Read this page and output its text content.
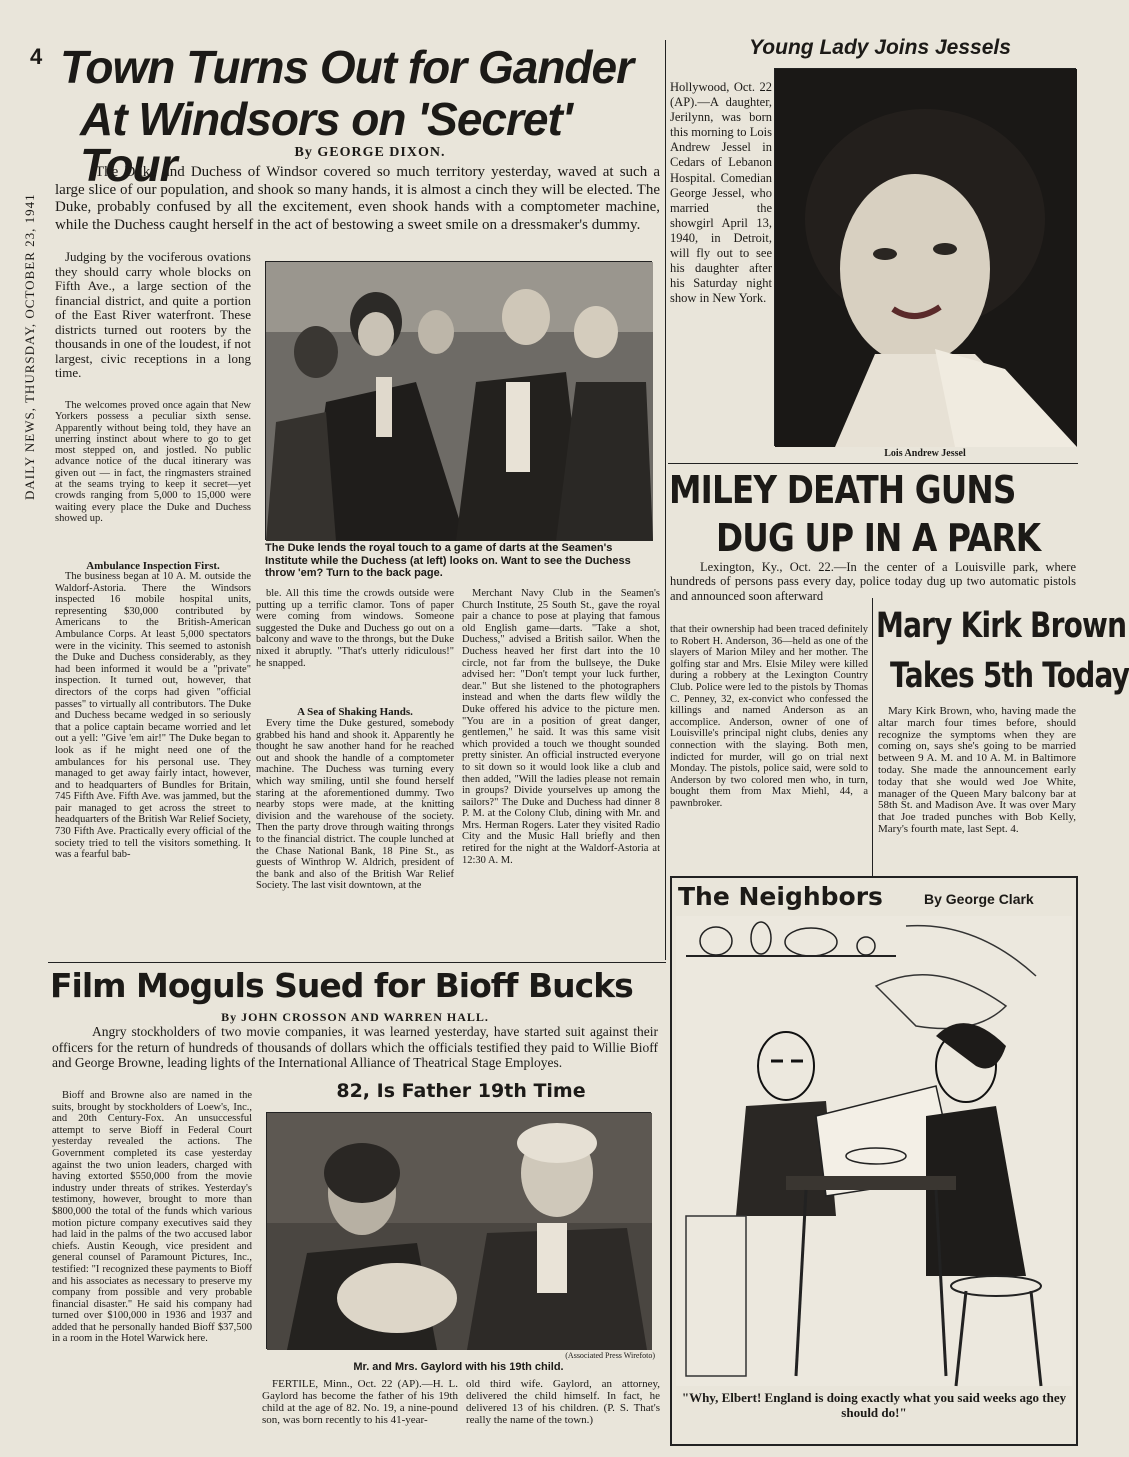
4
DAILY NEWS, THURSDAY, OCTOBER 23, 1941
Town Turns Out for Gander
At Windsors on 'Secret' Tour	By GEORGE DIXON.
The Duke and Duchess of Windsor covered so much territory yesterday, waved at such a large slice of our population, and shook so many hands, it is almost a cinch they will be elected. The Duke, probably confused by all the excitement, even shook hands with a comptometer machine, while the Duchess caught herself in the act of bestowing a sweet smile on a dressmaker's dummy.
Judging by the vociferous ovations they should carry whole blocks on Fifth Ave., a large section of the financial district, and quite a portion of the East River waterfront. These districts turned out rooters by the thousands in one of the loudest, if not largest, civic receptions in a long time.
The welcomes proved once again that New Yorkers possess a peculiar sixth sense. Apparently without being told, they have an unerring instinct about where to go to get most stepped on, and jostled. No public advance notice of the ducal itinerary was given out — in fact, the ringmasters strained at the seams trying to keep it secret—yet crowds ranging from 5,000 to 15,000 were waiting every place the Duke and Duchess showed up.
Ambulance Inspection First.
The business began at 10 A. M. outside the Waldorf-Astoria. There the Windsors inspected 16 mobile hospital units, representing $30,000 contributed by Americans to the British-American Ambulance Corps. At least 5,000 spectators were in the vicinity. This seemed to astonish the Duke and Duchess considerably, as they had been informed it would be a "private" inspection. It turned out, however, that directors of the corps had given "official passes" to virtually all contributors. The Duke and Duchess became wedged in so seriously that a police captain became worried and let out a yell: "Give 'em air!" The Duke began to look as if he might need one of the ambulances for his personal use. They managed to get away fairly intact, however, and to headquarters of Bundles for Britain, 745 Fifth Ave. Fifth Ave. was jammed, but the pair managed to get across the street to headquarters of the British War Relief Society, 730 Fifth Ave. Practically every official of the society tried to tell the visitors something. It was a fearful bab-
The Duke lends the royal touch to a game of darts at the Seamen's Institute while the Duchess (at left) looks on. Want to see the Duchess throw 'em? Turn to the back page.
ble. All this time the crowds outside were putting up a terrific clamor. Tons of paper were coming from windows. Someone suggested the Duke and Duchess go out on a balcony and wave to the throngs, but the Duke nixed it abruptly. "That's utterly ridiculous!" he snapped.
A Sea of Shaking Hands.
Every time the Duke gestured, somebody grabbed his hand and shook it. Apparently he thought he saw another hand for he reached out and shook the handle of a comptometer machine. The Duchess was turning every which way smiling, until she found herself staring at the aforementioned dummy. Two nearby stops were made, at the knitting division and the warehouse of the society. Then the party drove through waiting throngs to the financial district. The couple lunched at the Chase National Bank, 18 Pine St., as guests of Winthrop W. Aldrich, president of the bank and also of the British War Relief Society. The last visit downtown, at the
Merchant Navy Club in the Seamen's Church Institute, 25 South St., gave the royal pair a chance to pose at playing that famous old English game—darts. "Take a shot, Duchess," advised a British sailor. When the Duchess heaved her first dart into the 10 circle, not far from the bullseye, the Duke advised her: "Don't tempt your luck further, dear." But she listened to the photographers instead and when the darts flew wildly the Duke offered his advice to the picture men. "You are in a position of great danger, gentlemen," he said. It was this same visit which provided a touch we thought sounded pretty sinister. An official instructed everyone to sit down so it would look like a club and then added, "Will the ladies please not remain in groups? Divide yourselves up among the sailors?" The Duke and Duchess had dinner 8 P. M. at the Colony Club, dining with Mr. and Mrs. Herman Rogers. Later they visited Radio City and the Music Hall briefly and then retired for the night at the Waldorf-Astoria at 12:30 A. M.
Film Moguls Sued for Bioff Bucks
By JOHN CROSSON AND WARREN HALL.
Angry stockholders of two movie companies, it was learned yesterday, have started suit against their officers for the return of hundreds of thousands of dollars which the officials testified they paid to Willie Bioff and George Browne, leading lights of the International Alliance of Theatrical Stage Employes.
Bioff and Browne also are named in the suits, brought by stockholders of Loew's, Inc., and 20th Century-Fox. An unsuccessful attempt to serve Bioff in Federal Court yesterday revealed the actions. The Government completed its case yesterday against the two union leaders, charged with having extorted $550,000 from the movie industry under threats of strikes. Yesterday's testimony, however, brought to more than $800,000 the total of the funds which various motion picture company executives said they had laid in the palms of the two accused labor chiefs. Austin Keough, vice president and general counsel of Paramount Pictures, Inc., testified: "I recognized these payments to Bioff and his associates as necessary to preserve my company from possible and very probable financial disaster." He said his company had turned over $100,000 in 1936 and 1937 and added that he personally handed Bioff $37,500 in a room in the Hotel Warwick here.
82, Is Father 19th Time
(Associated Press Wirefoto)
Mr. and Mrs. Gaylord with his 19th child.
FERTILE, Minn., Oct. 22 (AP).—H. L. Gaylord has become the father of his 19th child at the age of 82. No. 19, a nine-pound son, was born recently to his 41-year-
old third wife. Gaylord, an attorney, delivered the child himself. In fact, he delivered 13 of his children. (P. S. That's really the name of the town.)
Young Lady Joins Jessels
Hollywood, Oct. 22 (AP).—A daughter, Jerilynn, was born this morning to Lois Andrew Jessel in Cedars of Lebanon Hospital. Comedian George Jessel, who married the showgirl April 13, 1940, in Detroit, will fly out to see his daughter after his Saturday night show in New York.
Lois Andrew Jessel
MILEY DEATH GUNS
DUG UP IN A PARK
Lexington, Ky., Oct. 22.—In the center of a Louisville park, where hundreds of persons pass every day, police today dug up two automatic pistols and announced soon afterward
that their ownership had been traced definitely to Robert H. Anderson, 36—held as one of the slayers of Marion Miley and her mother. The golfing star and Mrs. Elsie Miley were killed during a robbery at the Lexington Country Club. Police were led to the pistols by Thomas C. Penney, 32, ex-convict who confessed the killings and named Anderson as an accomplice. Anderson, owner of one of Louisville's principal night clubs, denies any connection with the slaying. Both men, indicted for murder, will go on trial next Monday. The pistols, police said, were sold to Anderson by two colored men who, in turn, bought them from Max Miehl, 44, a pawnbroker.
Mary Kirk Brown
Takes 5th Today
Mary Kirk Brown, who, having made the altar march four times before, should recognize the symptoms when they are coming on, says she's going to be married between 9 A. M. and 10 A. M. in Baltimore today. She made the announcement early today that she would wed Joe White, manager of the Queen Mary balcony bar at 58th St. and Madison Ave. It was over Mary that Joe traded punches with Bob Kelly, Mary's fourth mate, last Sept. 4.
The Neighbors	By George Clark
"Why, Elbert! England is doing exactly what you said weeks ago they should do!"
